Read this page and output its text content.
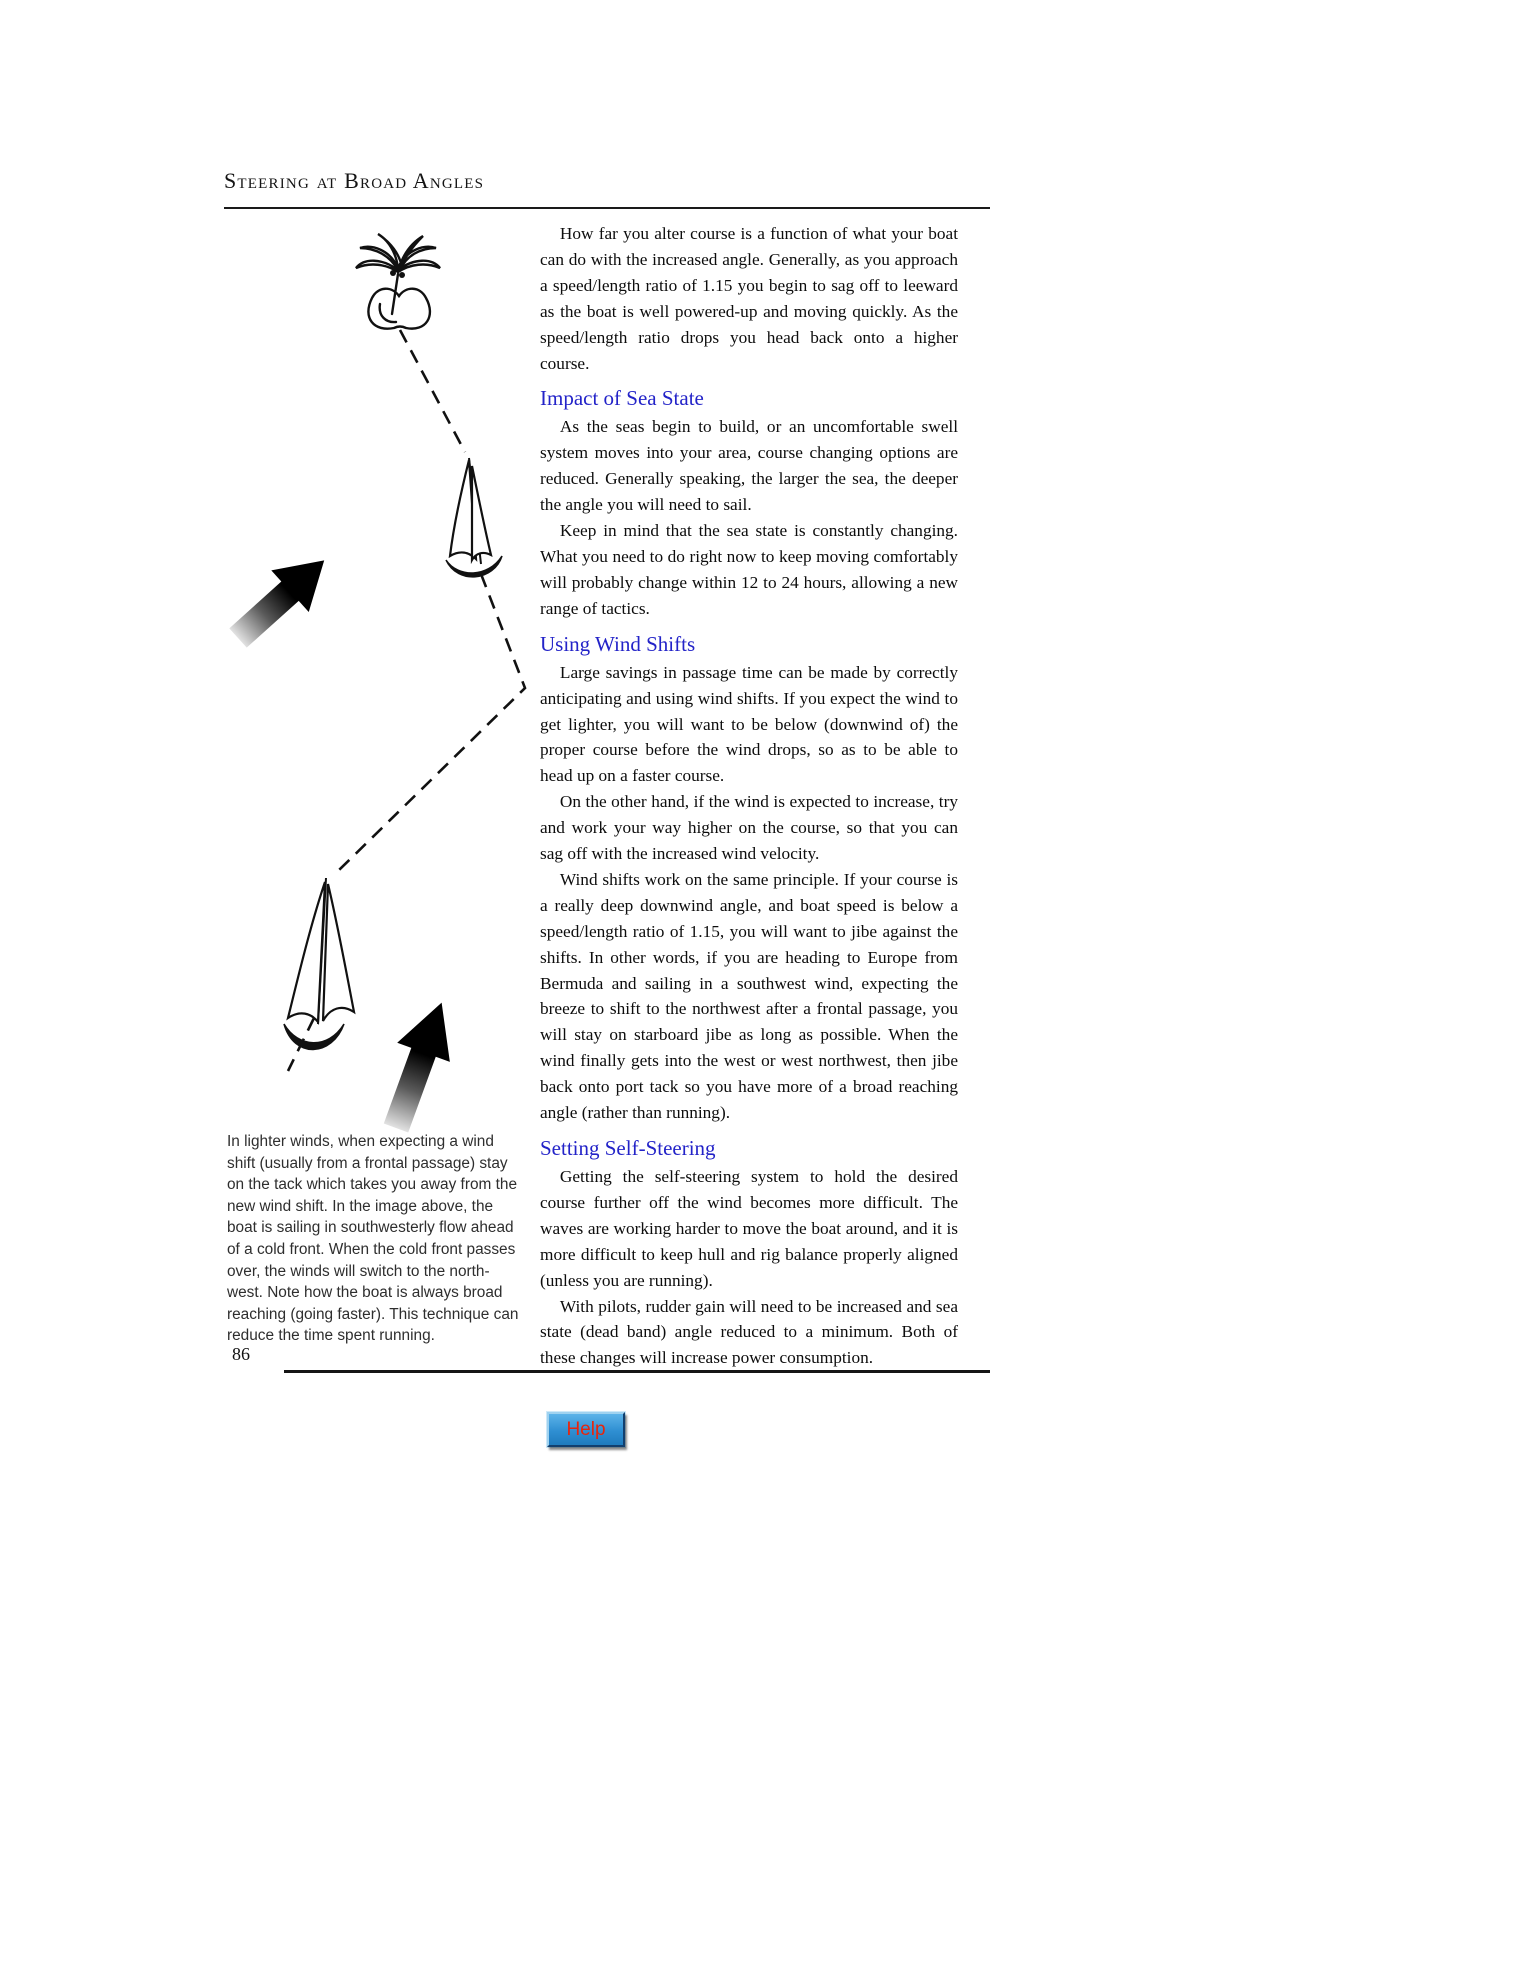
Steering at Broad Angles

How far you alter course is a function of what your boat can do with the increased angle. Generally, as you approach a speed/length ratio of 1.15 you begin to sag off to leeward as the boat is well powered-up and moving quickly. As the speed/length ratio drops you head back onto a higher course.

Impact of Sea State

As the seas begin to build, or an uncomfortable swell system moves into your area, course changing options are reduced. Generally speaking, the larger the sea, the deeper the angle you will need to sail.

Keep in mind that the sea state is constantly changing. What you need to do right now to keep moving comfortably will probably change within 12 to 24 hours, allowing a new range of tactics.

Using Wind Shifts

Large savings in passage time can be made by correctly anticipating and using wind shifts. If you expect the wind to get lighter, you will want to be below (downwind of) the proper course before the wind drops, so as to be able to head up on a faster course.

On the other hand, if the wind is expected to increase, try and work your way higher on the course, so that you can sag off with the increased wind velocity.

Wind shifts work on the same principle. If your course is a really deep downwind angle, and boat speed is below a speed/length ratio of 1.15, you will want to jibe against the shifts. In other words, if you are heading to Europe from Bermuda and sailing in a southwest wind, expecting the breeze to shift to the northwest after a frontal passage, you will stay on starboard jibe as long as possible. When the wind finally gets into the west or west northwest, then jibe back onto port tack so you have more of a broad reaching angle (rather than running).

Setting Self-Steering

Getting the self-steering system to hold the desired course further off the wind becomes more difficult. The waves are working harder to move the boat around, and it is more difficult to keep hull and rig balance properly aligned (unless you are running).

With pilots, rudder gain will need to be increased and sea state (dead band) angle reduced to a minimum. Both of these changes will increase power consumption.

In lighter winds, when expecting a wind shift (usually from a frontal passage) stay on the tack which takes you away from the new wind shift. In the image above, the boat is sailing in southwesterly flow ahead of a cold front. When the cold front passes over, the winds will switch to the north-west. Note how the boat is always broad reaching (going faster). This technique can reduce the time spent running.
86
Help
